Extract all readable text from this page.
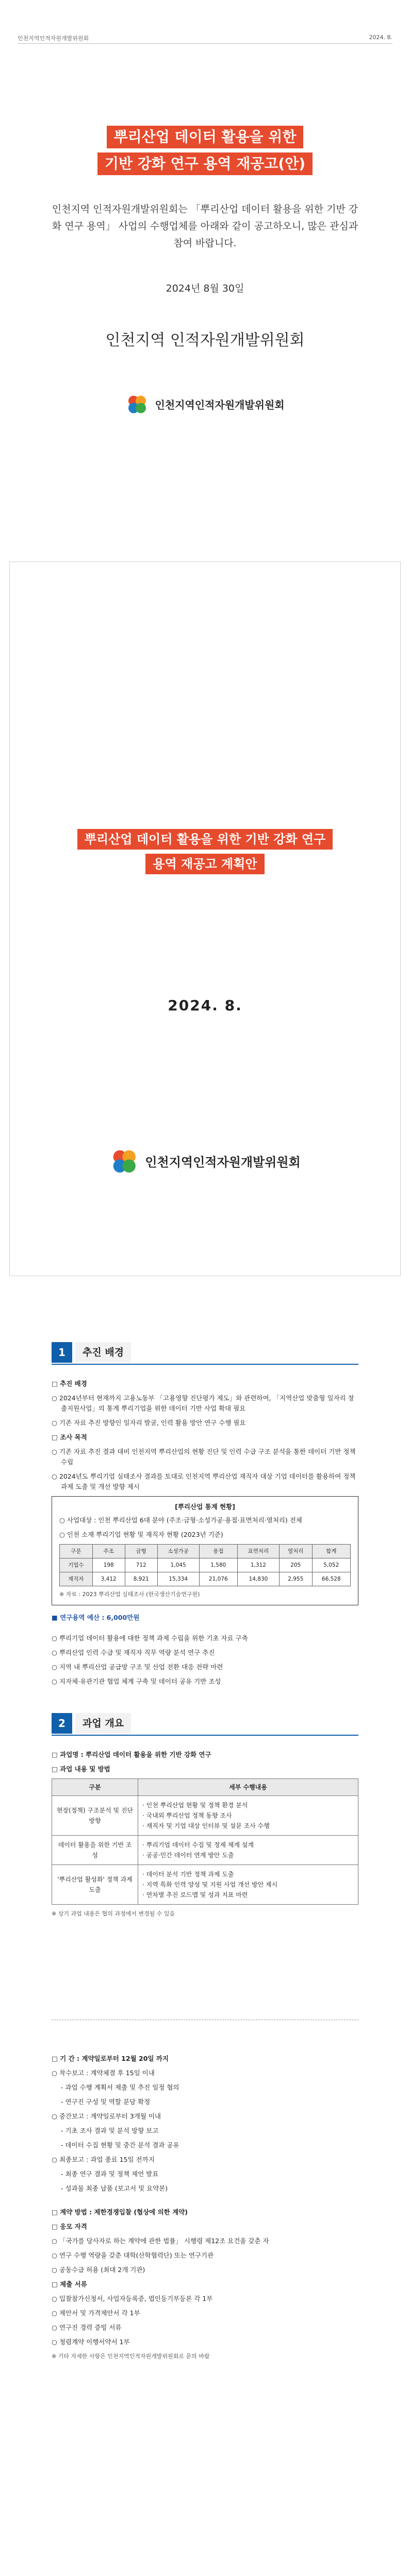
인천지역인적자원개발위원회	2024. 8.
뿌리산업 데이터 활용을 위한
기반 강화 연구 용역 재공고(안)
인천지역 인적자원개발위원회는 「뿌리산업 데이터 활용을 위한 기반 강화 연구 용역」 사업의 수행업체를 아래와 같이 공고하오니, 많은 관심과 참여 바랍니다.
2024년 8월 30일
인천지역 인적자원개발위원회
인천지역인적자원개발위원회
뿌리산업 데이터 활용을 위한 기반 강화 연구
용역 재공고 계획안
2024. 8.
인천지역인적자원개발위원회
1	추진 배경

□ 추진 배경

○ 2024년부터 현재까지 고용노동부 「고용영향 진단평가 제도」와 관련하여, 「지역산업 맞춤형 일자리 창출지원사업」의 통계 뿌리기업을 위한 데이터 기반 사업 확대 필요

○ 기존 자료 추진 방향인 일자리 발굴, 인력 활용 방안 연구 수행 필요

□ 조사 목적

○ 기존 자료 추진 결과 대비 인천지역 뿌리산업의 현황 진단 및 인력 수급 구조 분석을 통한 데이터 기반 정책 수립

○ 2024년도 뿌리기업 실태조사 결과를 토대로 인천지역 뿌리산업 재직자 대상 기업 데이터를 활용하여 정책 과제 도출 및 개선 방향 제시

[뿌리산업 통계 현황]

○ 사업대상 : 인천 뿌리산업 6대 분야 (주조·금형·소성가공·용접·표면처리·열처리) 전체

○ 인천 소재 뿌리기업 현황 및 재직자 현황 (2023년 기준)

구분	주조	금형	소성가공	용접	표면처리	열처리	합계
기업수	198	712	1,045	1,580	1,312	205	5,052
재직자	3,412	8,921	15,334	21,076	14,830	2,955	66,528
※ 자료 : 2023 뿌리산업 실태조사 (한국생산기술연구원)

■ 연구용역 예산 : 6,000만원

○ 뿌리기업 데이터 활용에 대한 정책 과제 수립을 위한 기초 자료 구축

○ 뿌리산업 인력 수급 및 재직자 직무 역량 분석 연구 추진

○ 지역 내 뿌리산업 공급망 구조 및 산업 전환 대응 전략 마련

○ 지자체·유관기관 협업 체계 구축 및 데이터 공유 기반 조성

2	과업 개요

□ 과업명 : 뿌리산업 데이터 활용을 위한 기반 강화 연구

□ 과업 내용 및 방법

구분	세부 수행내용
현장(정책) 구조분석 및 진단 방향	· 인천 뿌리산업 현황 및 정책 환경 분석
· 국내외 뿌리산업 정책 동향 조사
· 재직자 및 기업 대상 인터뷰 및 설문 조사 수행
데이터 활용을 위한 기반 조성	· 뿌리기업 데이터 수집 및 정제 체계 설계
· 공공·민간 데이터 연계 방안 도출
'뿌리산업 활성화' 정책 과제 도출	· 데이터 분석 기반 정책 과제 도출
· 지역 특화 인력 양성 및 지원 사업 개선 방안 제시
· 연차별 추진 로드맵 및 성과 지표 마련

※ 상기 과업 내용은 협의 과정에서 변경될 수 있음

□ 기 간 : 계약일로부터 12월 20일 까지

○ 착수보고 : 계약체결 후 15일 이내

- 과업 수행 계획서 제출 및 추진 일정 협의

- 연구진 구성 및 역할 분담 확정

○ 중간보고 : 계약일로부터 3개월 이내

- 기초 조사 결과 및 분석 방향 보고

- 데이터 수집 현황 및 중간 분석 결과 공유

○ 최종보고 : 과업 종료 15일 전까지

- 최종 연구 결과 및 정책 제언 발표

- 성과물 최종 납품 (보고서 및 요약본)

□ 계약 방법 : 제한경쟁입찰 (협상에 의한 계약)

□ 응모 자격

○ 「국가를 당사자로 하는 계약에 관한 법률」 시행령 제12조 요건을 갖춘 자

○ 연구 수행 역량을 갖춘 대학(산학협력단) 또는 연구기관

○ 공동수급 허용 (최대 2개 기관)

□ 제출 서류

○ 입찰참가신청서, 사업자등록증, 법인등기부등본 각 1부

○ 제안서 및 가격제안서 각 1부

○ 연구진 경력 증빙 서류

○ 청렴계약 이행서약서 1부

※ 기타 자세한 사항은 인천지역인적자원개발위원회로 문의 바람
